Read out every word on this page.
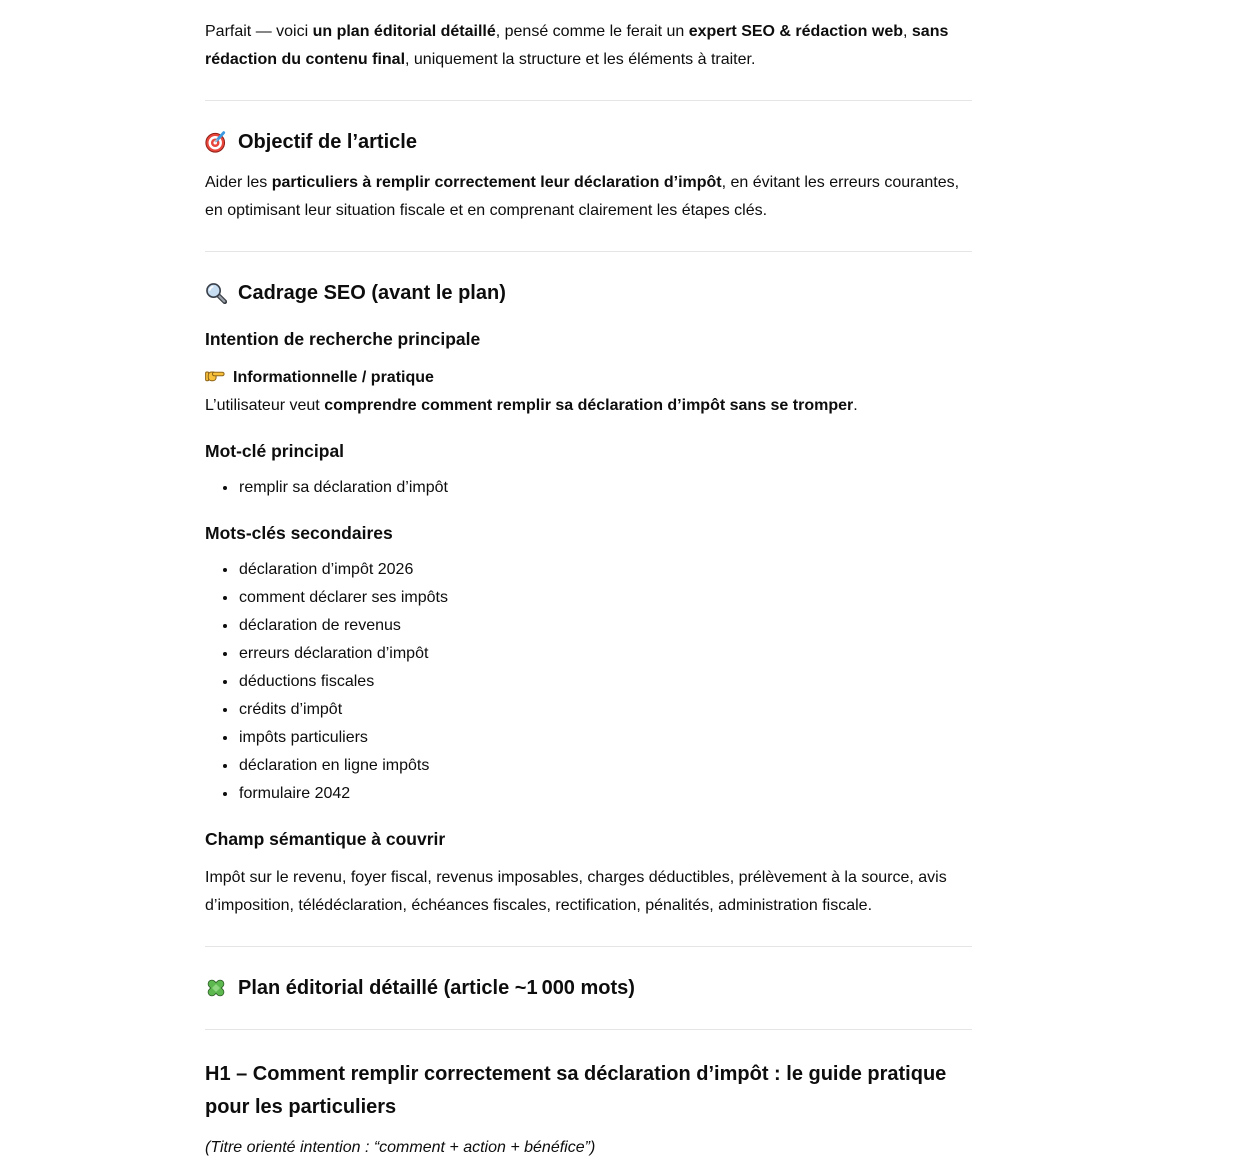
Parfait — voici un plan éditorial détaillé, pensé comme le ferait un expert SEO & rédaction web, sans rédaction du contenu final, uniquement la structure et les éléments à traiter.

Objectif de l’article

Aider les particuliers à remplir correctement leur déclaration d’impôt, en évitant les erreurs courantes, en optimisant leur situation fiscale et en comprenant clairement les étapes clés.

Cadrage SEO (avant le plan)
Intention de recherche principale

Informationnelle / pratique
L’utilisateur veut comprendre comment remplir sa déclaration d’impôt sans se tromper.

Mot-clé principal
• remplir sa déclaration d’impôt
Mots-clés secondaires
• déclaration d’impôt 2026
• comment déclarer ses impôts
• déclaration de revenus
• erreurs déclaration d’impôt
• déductions fiscales
• crédits d’impôt
• impôts particuliers
• déclaration en ligne impôts
• formulaire 2042
Champ sémantique à couvrir

Impôt sur le revenu, foyer fiscal, revenus imposables, charges déductibles, prélèvement à la source, avis d’imposition, télédéclaration, échéances fiscales, rectification, pénalités, administration fiscale.

Plan éditorial détaillé (article ~1 000 mots)
H1 – Comment remplir correctement sa déclaration d’impôt : le guide pratique pour les particuliers

(Titre orienté intention : “comment + action + bénéfice”)
